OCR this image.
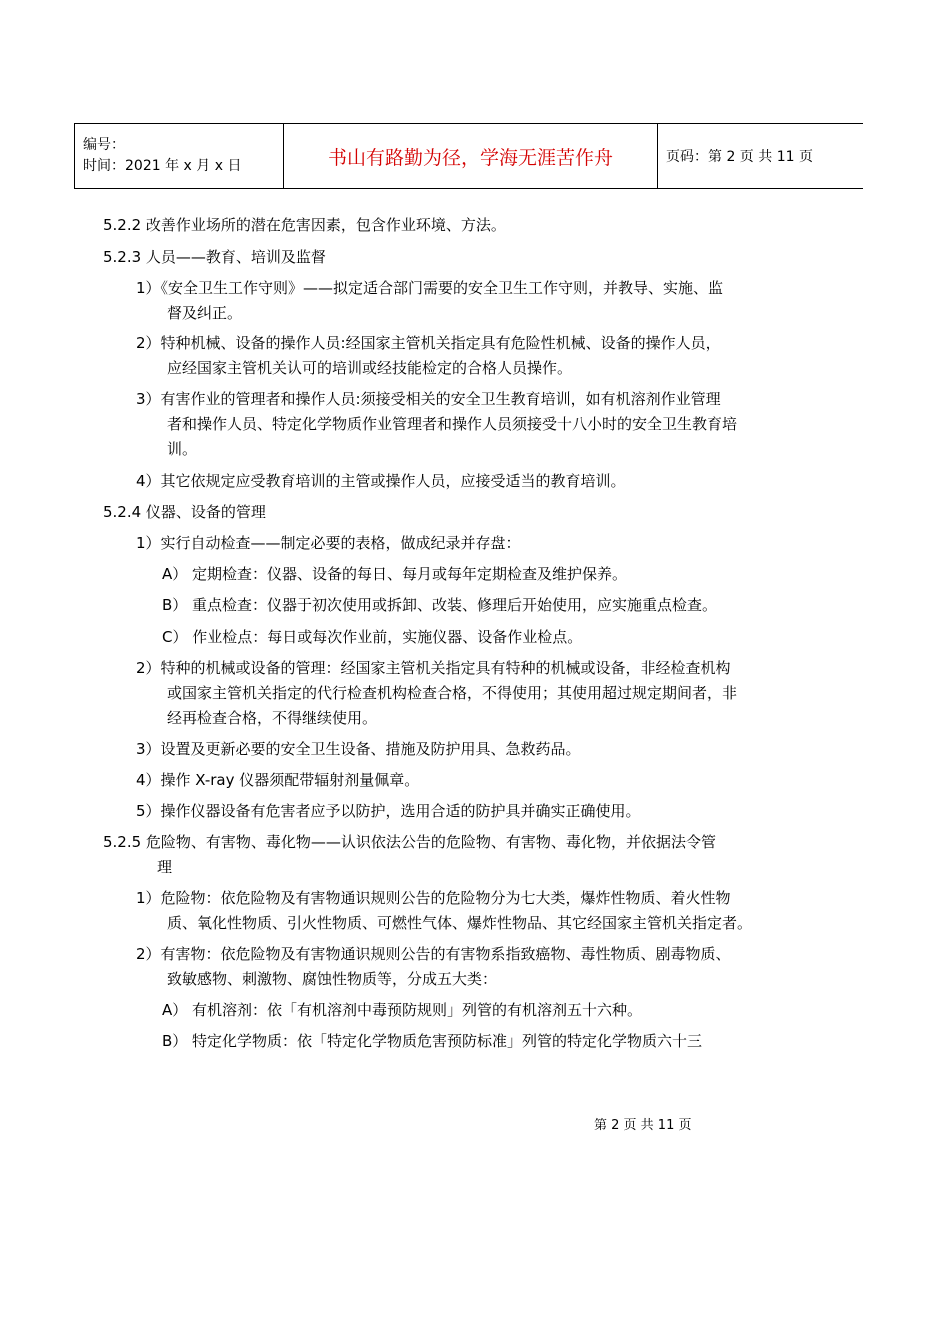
编号：
时间：2021 年 x 月 x 日	书山有路勤为径，学海无涯苦作舟	页码：第 2 页 共 11 页
5.2.2 改善作业场所的潜在危害因素，包含作业环境、方法。
5.2.3 人员——教育、培训及监督
1）《安全卫生工作守则》——拟定适合部门需要的安全卫生工作守则，并教导、实施、监
督及纠正。
2）特种机械、设备的操作人员:经国家主管机关指定具有危险性机械、设备的操作人员，
应经国家主管机关认可的培训或经技能检定的合格人员操作。
3）有害作业的管理者和操作人员:须接受相关的安全卫生教育培训，如有机溶剂作业管理
者和操作人员、特定化学物质作业管理者和操作人员须接受十八小时的安全卫生教育培
训。
4）其它依规定应受教育培训的主管或操作人员，应接受适当的教育培训。
5.2.4 仪器、设备的管理
1）实行自动检查——制定必要的表格，做成纪录并存盘：
A） 定期检查：仪器、设备的每日、每月或每年定期检查及维护保养。
B） 重点检查：仪器于初次使用或拆卸、改装、修理后开始使用，应实施重点检查。
C） 作业检点：每日或每次作业前，实施仪器、设备作业检点。
2）特种的机械或设备的管理：经国家主管机关指定具有特种的机械或设备，非经检查机构
或国家主管机关指定的代行检查机构检查合格，不得使用；其使用超过规定期间者，非
经再检查合格，不得继续使用。
3）设置及更新必要的安全卫生设备、措施及防护用具、急救药品。
4）操作 X-ray 仪器须配带辐射剂量佩章。
5）操作仪器设备有危害者应予以防护，选用合适的防护具并确实正确使用。
5.2.5 危险物、有害物、毒化物——认识依法公告的危险物、有害物、毒化物，并依据法令管
理
1）危险物：依危险物及有害物通识规则公告的危险物分为七大类，爆炸性物质、着火性物
质、氧化性物质、引火性物质、可燃性气体、爆炸性物品、其它经国家主管机关指定者。
2）有害物：依危险物及有害物通识规则公告的有害物系指致癌物、毒性物质、剧毒物质、
致敏感物、刺激物、腐蚀性物质等，分成五大类：
A） 有机溶剂：依「有机溶剂中毒预防规则」列管的有机溶剂五十六种。
B） 特定化学物质：依「特定化学物质危害预防标准」列管的特定化学物质六十三
第 2 页 共 11 页
